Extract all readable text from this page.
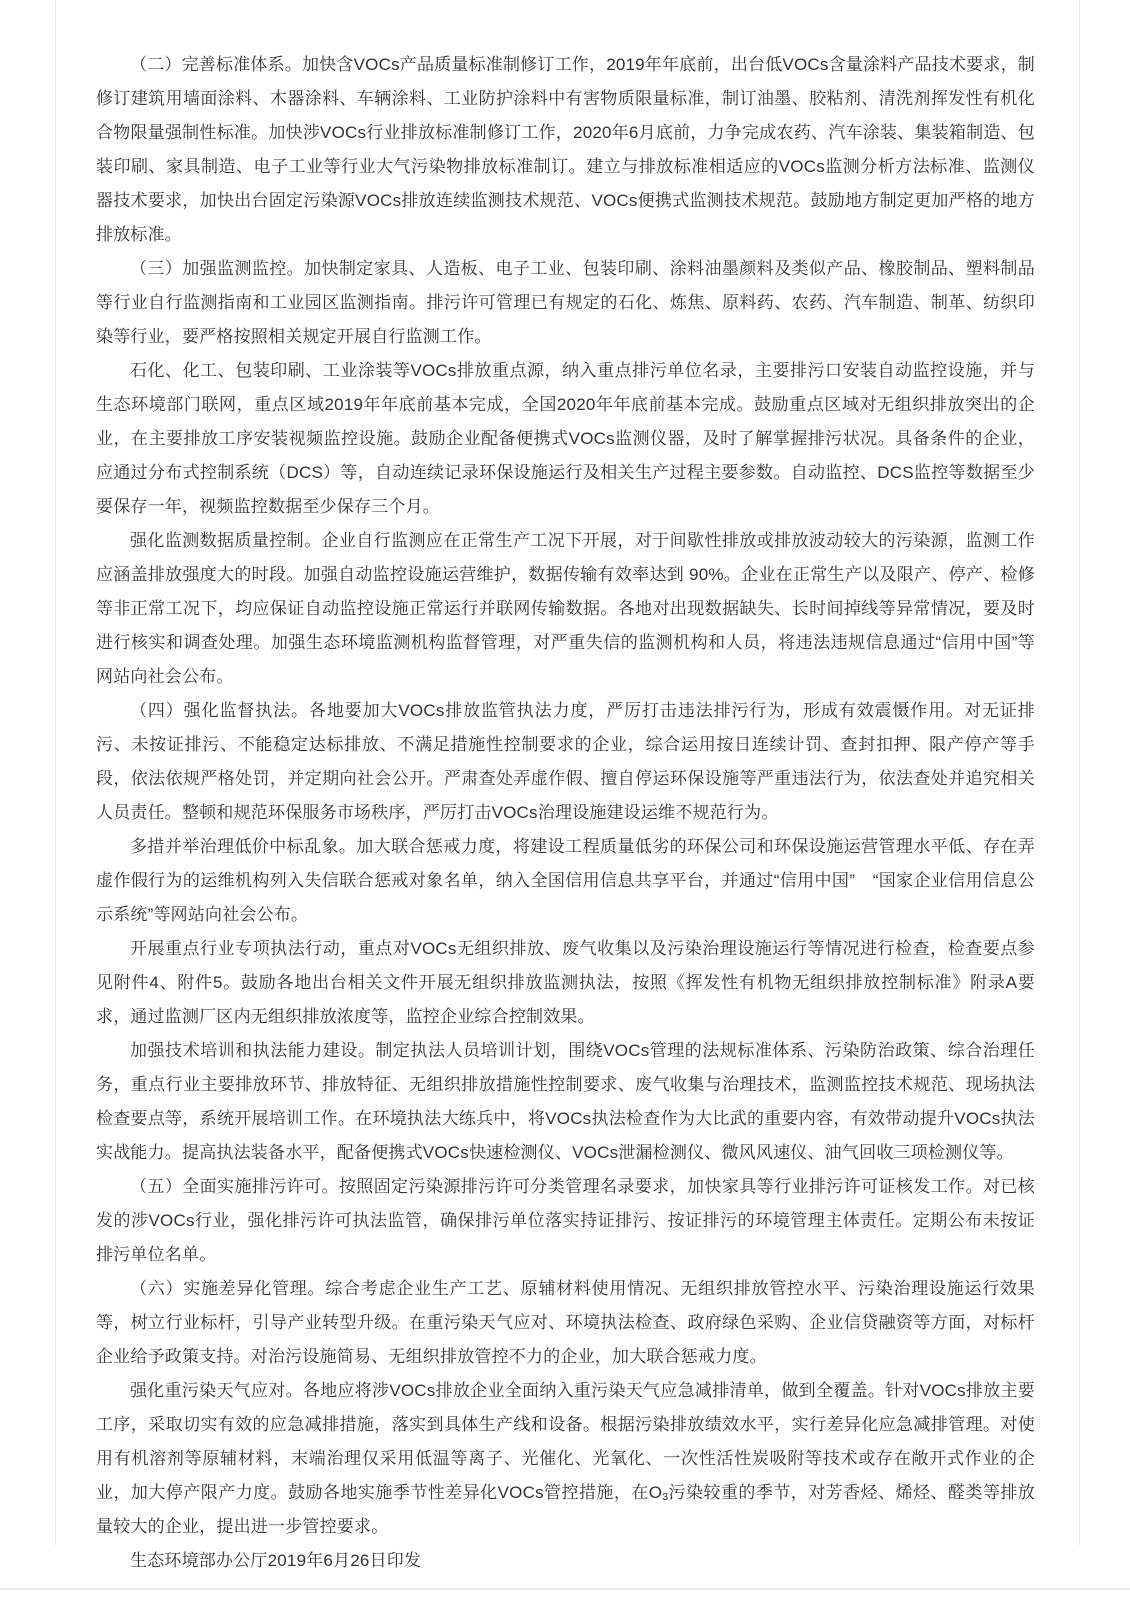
（二）完善标准体系。加快含VOCs产品质量标准制修订工作，2019年年底前，出台低VOCs含量涂料产品技术要求，制修订建筑用墙面涂料、木器涂料、车辆涂料、工业防护涂料中有害物质限量标准，制订油墨、胶粘剂、清洗剂挥发性有机化合物限量强制性标准。加快涉VOCs行业排放标准制修订工作，2020年6月底前，力争完成农药、汽车涂装、集装箱制造、包装印刷、家具制造、电子工业等行业大气污染物排放标准制订。建立与排放标准相适应的VOCs监测分析方法标准、监测仪器技术要求，加快出台固定污染源VOCs排放连续监测技术规范、VOCs便携式监测技术规范。鼓励地方制定更加严格的地方排放标准。

（三）加强监测监控。加快制定家具、人造板、电子工业、包装印刷、涂料油墨颜料及类似产品、橡胶制品、塑料制品等行业自行监测指南和工业园区监测指南。排污许可管理已有规定的石化、炼焦、原料药、农药、汽车制造、制革、纺织印染等行业，要严格按照相关规定开展自行监测工作。

石化、化工、包装印刷、工业涂装等VOCs排放重点源，纳入重点排污单位名录，主要排污口安装自动监控设施，并与生态环境部门联网，重点区域2019年年底前基本完成，全国2020年年底前基本完成。鼓励重点区域对无组织排放突出的企业，在主要排放工序安装视频监控设施。鼓励企业配备便携式VOCs监测仪器，及时了解掌握排污状况。具备条件的企业，应通过分布式控制系统（DCS）等，自动连续记录环保设施运行及相关生产过程主要参数。自动监控、DCS监控等数据至少要保存一年，视频监控数据至少保存三个月。

强化监测数据质量控制。企业自行监测应在正常生产工况下开展，对于间歇性排放或排放波动较大的污染源，监测工作应涵盖排放强度大的时段。加强自动监控设施运营维护，数据传输有效率达到 90%。企业在正常生产以及限产、停产、检修等非正常工况下，均应保证自动监控设施正常运行并联网传输数据。各地对出现数据缺失、长时间掉线等异常情况，要及时进行核实和调查处理。加强生态环境监测机构监督管理，对严重失信的监测机构和人员，将违法违规信息通过“信用中国”等网站向社会公布。

（四）强化监督执法。各地要加大VOCs排放监管执法力度，严厉打击违法排污行为，形成有效震慑作用。对无证排污、未按证排污、不能稳定达标排放、不满足措施性控制要求的企业，综合运用按日连续计罚、查封扣押、限产停产等手段，依法依规严格处罚，并定期向社会公开。严肃查处弄虚作假、擅自停运环保设施等严重违法行为，依法查处并追究相关人员责任。整顿和规范环保服务市场秩序，严厉打击VOCs治理设施建设运维不规范行为。

多措并举治理低价中标乱象。加大联合惩戒力度，将建设工程质量低劣的环保公司和环保设施运营管理水平低、存在弄虚作假行为的运维机构列入失信联合惩戒对象名单，纳入全国信用信息共享平台，并通过“信用中国”　“国家企业信用信息公示系统”等网站向社会公布。

开展重点行业专项执法行动，重点对VOCs无组织排放、废气收集以及污染治理设施运行等情况进行检查，检查要点参见附件4、附件5。鼓励各地出台相关文件开展无组织排放监测执法，按照《挥发性有机物无组织排放控制标准》附录A要求，通过监测厂区内无组织排放浓度等，监控企业综合控制效果。

加强技术培训和执法能力建设。制定执法人员培训计划，围绕VOCs管理的法规标准体系、污染防治政策、综合治理任务，重点行业主要排放环节、排放特征、无组织排放措施性控制要求、废气收集与治理技术，监测监控技术规范、现场执法检查要点等，系统开展培训工作。在环境执法大练兵中，将VOCs执法检查作为大比武的重要内容，有效带动提升VOCs执法实战能力。提高执法装备水平，配备便携式VOCs快速检测仪、VOCs泄漏检测仪、微风风速仪、油气回收三项检测仪等。

（五）全面实施排污许可。按照固定污染源排污许可分类管理名录要求，加快家具等行业排污许可证核发工作。对已核发的涉VOCs行业，强化排污许可执法监管，确保排污单位落实持证排污、按证排污的环境管理主体责任。定期公布未按证排污单位名单。

（六）实施差异化管理。综合考虑企业生产工艺、原辅材料使用情况、无组织排放管控水平、污染治理设施运行效果等，树立行业标杆，引导产业转型升级。在重污染天气应对、环境执法检查、政府绿色采购、企业信贷融资等方面，对标杆企业给予政策支持。对治污设施简易、无组织排放管控不力的企业，加大联合惩戒力度。

强化重污染天气应对。各地应将涉VOCs排放企业全面纳入重污染天气应急减排清单，做到全覆盖。针对VOCs排放主要工序，采取切实有效的应急减排措施，落实到具体生产线和设备。根据污染排放绩效水平，实行差异化应急减排管理。对使用有机溶剂等原辅材料，末端治理仅采用低温等离子、光催化、光氧化、一次性活性炭吸附等技术或存在敞开式作业的企业，加大停产限产力度。鼓励各地实施季节性差异化VOCs管控措施，在$O_3$污染较重的季节，对芳香烃、烯烃、醛类等排放量较大的企业，提出进一步管控要求。

生态环境部办公厅2019年6月26日印发
